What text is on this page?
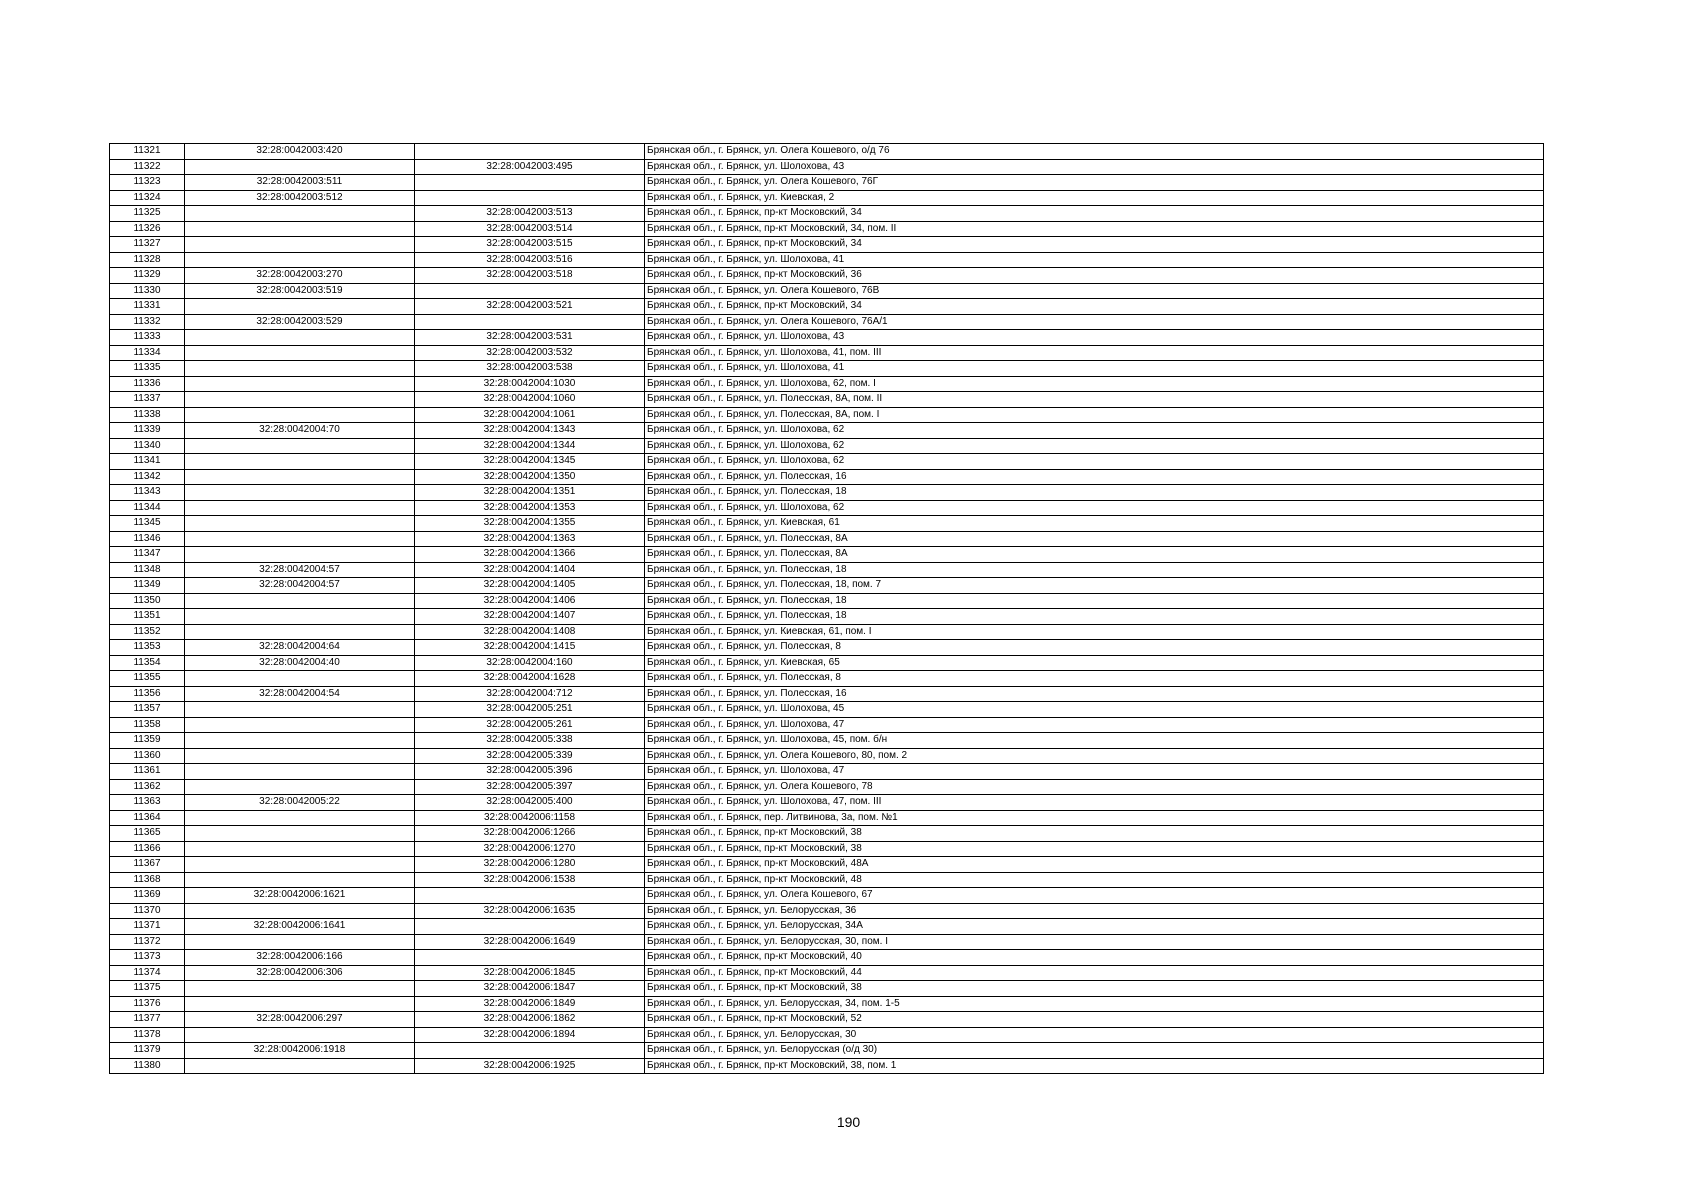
11321	32:28:0042003:420		Брянская обл., г. Брянск, ул. Олега Кошевого, о/д 76
11322		32:28:0042003:495	Брянская обл., г. Брянск, ул. Шолохова, 43
11323	32:28:0042003:511		Брянская обл., г. Брянск, ул. Олега Кошевого, 76Г
11324	32:28:0042003:512		Брянская обл., г. Брянск, ул. Киевская, 2
11325		32:28:0042003:513	Брянская обл., г. Брянск, пр-кт Московский, 34
11326		32:28:0042003:514	Брянская обл., г. Брянск, пр-кт Московский, 34, пом. II
11327		32:28:0042003:515	Брянская обл., г. Брянск, пр-кт Московский, 34
11328		32:28:0042003:516	Брянская обл., г. Брянск, ул. Шолохова, 41
11329	32:28:0042003:270	32:28:0042003:518	Брянская обл., г. Брянск, пр-кт Московский, 36
11330	32:28:0042003:519		Брянская обл., г. Брянск, ул. Олега Кошевого, 76В
11331		32:28:0042003:521	Брянская обл., г. Брянск, пр-кт Московский, 34
11332	32:28:0042003:529		Брянская обл., г. Брянск, ул. Олега Кошевого, 76А/1
11333		32:28:0042003:531	Брянская обл., г. Брянск, ул. Шолохова, 43
11334		32:28:0042003:532	Брянская обл., г. Брянск, ул. Шолохова, 41, пом. III
11335		32:28:0042003:538	Брянская обл., г. Брянск, ул. Шолохова, 41
11336		32:28:0042004:1030	Брянская обл., г. Брянск, ул. Шолохова, 62, пом. I
11337		32:28:0042004:1060	Брянская обл., г. Брянск, ул. Полесская, 8А, пом. II
11338		32:28:0042004:1061	Брянская обл., г. Брянск, ул. Полесская, 8А, пом. I
11339	32:28:0042004:70	32:28:0042004:1343	Брянская обл., г. Брянск, ул. Шолохова, 62
11340		32:28:0042004:1344	Брянская обл., г. Брянск, ул. Шолохова, 62
11341		32:28:0042004:1345	Брянская обл., г. Брянск, ул. Шолохова, 62
11342		32:28:0042004:1350	Брянская обл., г. Брянск, ул. Полесская, 16
11343		32:28:0042004:1351	Брянская обл., г. Брянск, ул. Полесская, 18
11344		32:28:0042004:1353	Брянская обл., г. Брянск, ул. Шолохова, 62
11345		32:28:0042004:1355	Брянская обл., г. Брянск, ул. Киевская, 61
11346		32:28:0042004:1363	Брянская обл., г. Брянск, ул. Полесская, 8А
11347		32:28:0042004:1366	Брянская обл., г. Брянск, ул. Полесская, 8А
11348	32:28:0042004:57	32:28:0042004:1404	Брянская обл., г. Брянск, ул. Полесская, 18
11349	32:28:0042004:57	32:28:0042004:1405	Брянская обл., г. Брянск, ул. Полесская, 18, пом. 7
11350		32:28:0042004:1406	Брянская обл., г. Брянск, ул. Полесская, 18
11351		32:28:0042004:1407	Брянская обл., г. Брянск, ул. Полесская, 18
11352		32:28:0042004:1408	Брянская обл., г. Брянск, ул. Киевская, 61, пом. I
11353	32:28:0042004:64	32:28:0042004:1415	Брянская обл., г. Брянск, ул. Полесская, 8
11354	32:28:0042004:40	32:28:0042004:160	Брянская обл., г. Брянск, ул. Киевская, 65
11355		32:28:0042004:1628	Брянская обл., г. Брянск, ул. Полесская, 8
11356	32:28:0042004:54	32:28:0042004:712	Брянская обл., г. Брянск, ул. Полесская, 16
11357		32:28:0042005:251	Брянская обл., г. Брянск, ул. Шолохова, 45
11358		32:28:0042005:261	Брянская обл., г. Брянск, ул. Шолохова, 47
11359		32:28:0042005:338	Брянская обл., г. Брянск, ул. Шолохова, 45, пом. б/н
11360		32:28:0042005:339	Брянская обл., г. Брянск, ул. Олега Кошевого, 80, пом. 2
11361		32:28:0042005:396	Брянская обл., г. Брянск, ул. Шолохова, 47
11362		32:28:0042005:397	Брянская обл., г. Брянск, ул. Олега Кошевого, 78
11363	32:28:0042005:22	32:28:0042005:400	Брянская обл., г. Брянск, ул. Шолохова, 47, пом. III
11364		32:28:0042006:1158	Брянская обл., г. Брянск, пер. Литвинова, 3а, пом. №1
11365		32:28:0042006:1266	Брянская обл., г. Брянск, пр-кт Московский, 38
11366		32:28:0042006:1270	Брянская обл., г. Брянск, пр-кт Московский, 38
11367		32:28:0042006:1280	Брянская обл., г. Брянск, пр-кт Московский, 48А
11368		32:28:0042006:1538	Брянская обл., г. Брянск, пр-кт Московский, 48
11369	32:28:0042006:1621		Брянская обл., г. Брянск, ул. Олега Кошевого, 67
11370		32:28:0042006:1635	Брянская обл., г. Брянск, ул. Белорусская, 36
11371	32:28:0042006:1641		Брянская обл., г. Брянск, ул. Белорусская, 34А
11372		32:28:0042006:1649	Брянская обл., г. Брянск, ул. Белорусская, 30, пом. I
11373	32:28:0042006:166		Брянская обл., г. Брянск, пр-кт Московский, 40
11374	32:28:0042006:306	32:28:0042006:1845	Брянская обл., г. Брянск, пр-кт Московский, 44
11375		32:28:0042006:1847	Брянская обл., г. Брянск, пр-кт Московский, 38
11376		32:28:0042006:1849	Брянская обл., г. Брянск, ул. Белорусская, 34, пом. 1-5
11377	32:28:0042006:297	32:28:0042006:1862	Брянская обл., г. Брянск, пр-кт Московский, 52
11378		32:28:0042006:1894	Брянская обл., г. Брянск, ул. Белорусская, 30
11379	32:28:0042006:1918		Брянская обл., г. Брянск, ул. Белорусская (о/д 30)
11380		32:28:0042006:1925	Брянская обл., г. Брянск, пр-кт Московский, 38, пом. 1
190
